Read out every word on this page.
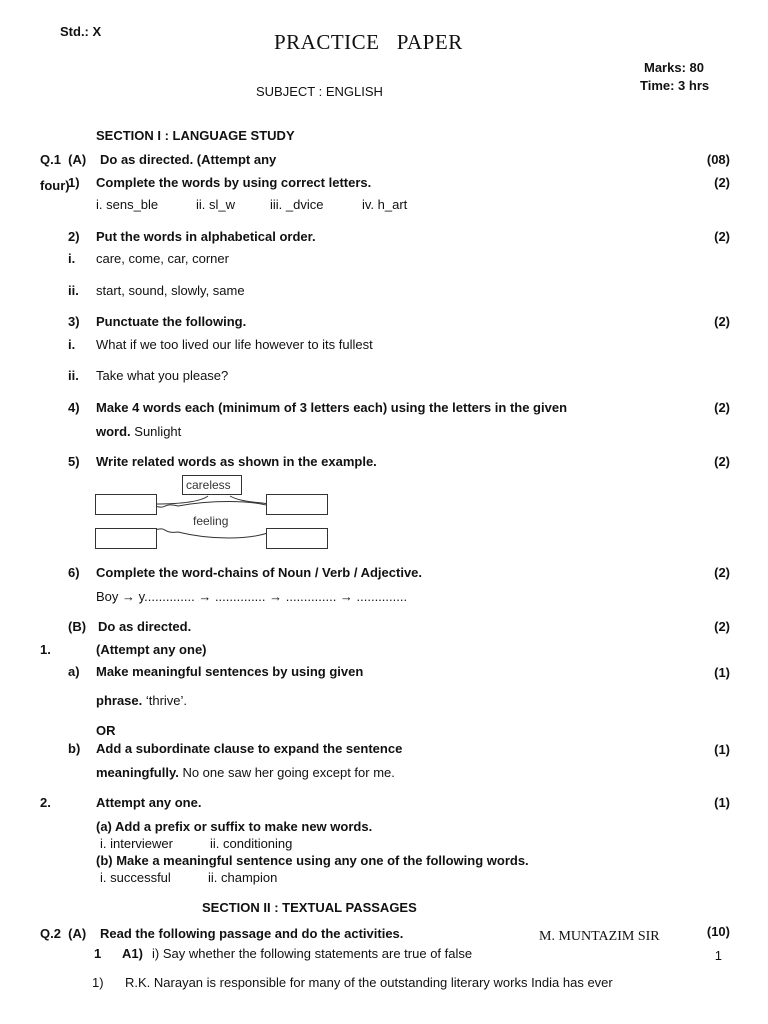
Std.: X	PRACTICE   PAPER
Marks: 80
Time: 3 hrs
SUBJECT : ENGLISH
SECTION I : LANGUAGE STUDY
Q.1  (A) Do as directed. (Attempt any	(08)
four)
1) Complete the words by using correct letters.	(2)
i. sens_ble	ii. sl_w	iii. _dvice	iv. h_art
2) Put the words in alphabetical order.	(2)
i. care, come, car, corner
ii. start, sound, slowly, same
3) Punctuate the following.	(2)
i. What if we too lived our life however to its fullest
ii. Take what you please?
4) Make 4 words each (minimum of 3 letters each) using the letters in the given	(2)
word. Sunlight
5) Write related words as shown in the example.	(2)
careless
feeling
6) Complete the word-chains of Noun / Verb / Adjective.	(2)
Boy → y.............. → .............. → .............. → ..............
(B) Do as directed.	(2)
1.	(Attempt any one)
a) Make meaningful sentences by using given	(1)
phrase. ‘thrive’.
OR
b) Add a subordinate clause to expand the sentence	(1)
meaningfully. No one saw her going except for me.
2.	Attempt any one.	(1)
(a) Add a prefix or suffix to make new words.
i. interviewer	ii. conditioning
(b) Make a meaningful sentence using any one of the following words.
i. successful	ii. champion
SECTION II : TEXTUAL PASSAGES
Q.2  (A) Read the following passage and do the activities.	M. MUNTAZIM SIR	(10)
1 A1) i) Say whether the following statements are true of false	1
1) R.K. Narayan is responsible for many of the outstanding literary works India has ever
